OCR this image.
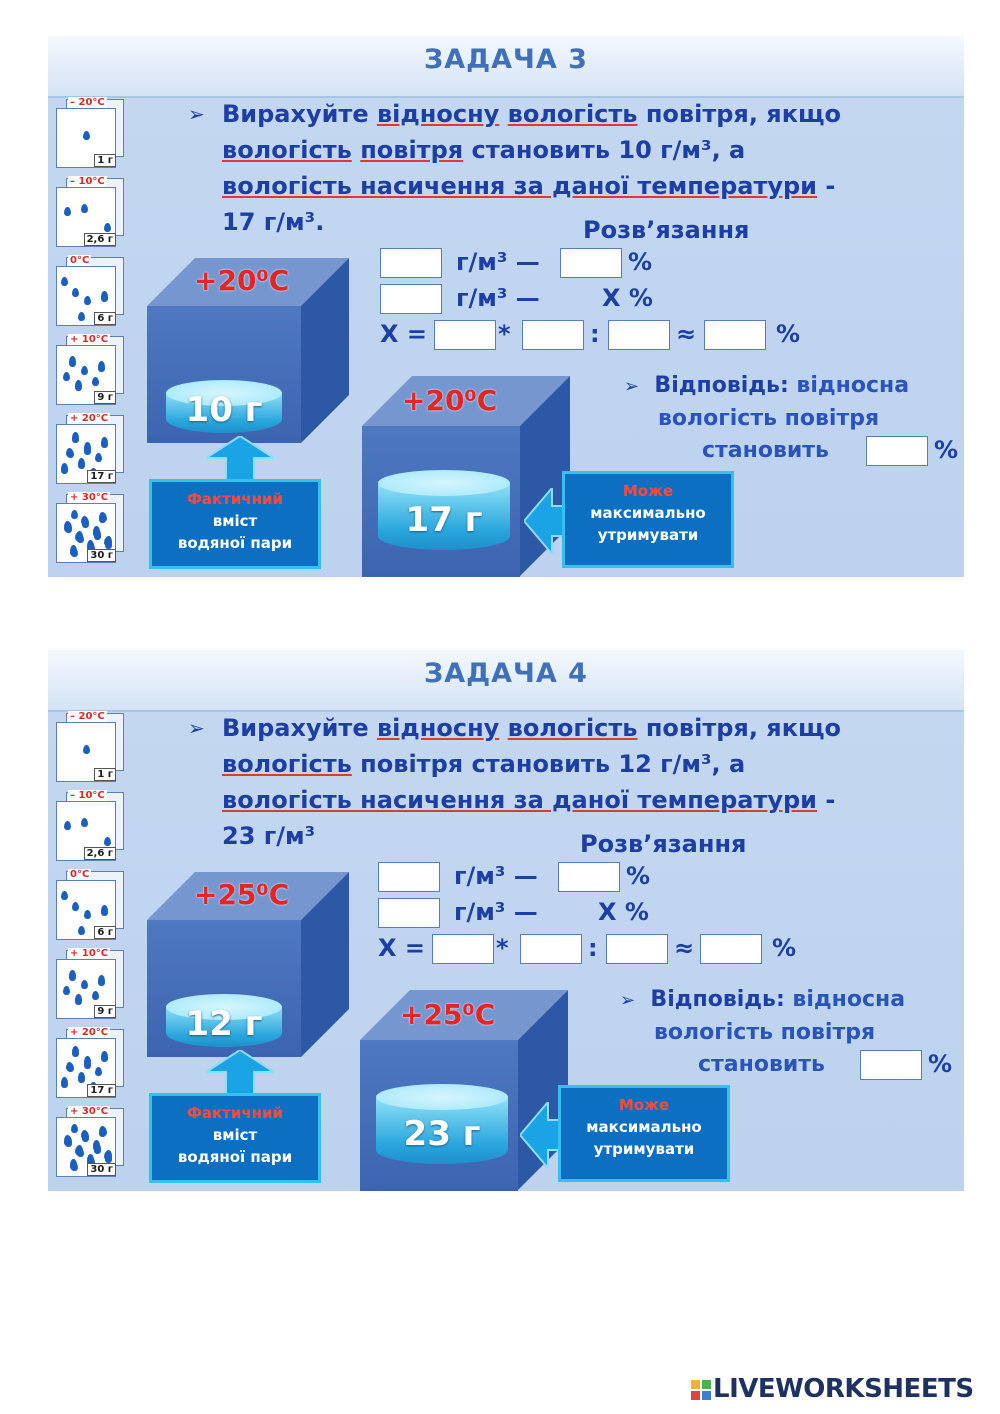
ЗАДАЧА 3
– 20°С
1 г
– 10°С
2,6 г
0°С
6 г
+ 10°С
9 г
+ 20°С
17 г
+ 30°С
30 г
➢ Вирахуйте відносну вологість повітря, якщо
вологість повітря становить 10 г/м³, а
вологість насичення за даної температури -
17 г/м³.	Розв’язання
г/м³ —	%
г/м³ —	X %
X =	*	:	≈	%
+20⁰С
10 г
Фактичний
вміст
водяної пари
+20⁰С
17 г
Може
максимально
утримувати
➢ Відповідь: відносна
вологість повітря
становить	%
ЗАДАЧА 4
– 20°С
1 г
– 10°С
2,6 г
0°С
6 г
+ 10°С
9 г
+ 20°С
17 г
+ 30°С
30 г
➢ Вирахуйте відносну вологість повітря, якщо
вологість повітря становить 12 г/м³, а
вологість насичення за даної температури -
23 г/м³	Розв’язання
г/м³ —	%
г/м³ —	X %
X =	*	:	≈	%
+25⁰С
12 г
Фактичний
вміст
водяної пари
+25⁰С
23 г
Може
максимально
утримувати
➢ Відповідь: відносна
вологість повітря
становить	%
LIVEWORKSHEETS
